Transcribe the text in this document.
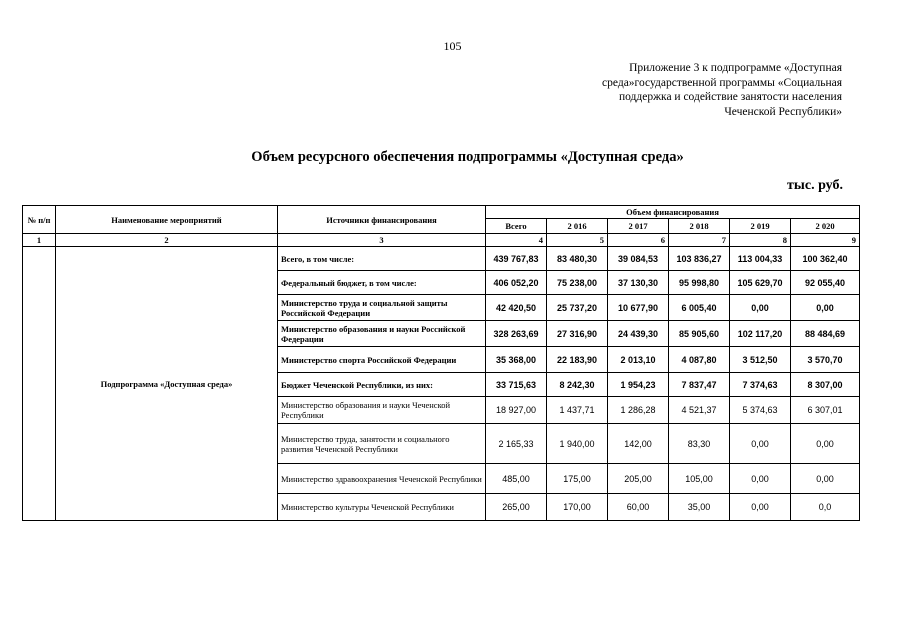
105
Приложение 3 к подпрограмме «Доступная
среда»государственной программы «Социальная
поддержка и содействие занятости населения
Чеченской Республики»
Объем ресурсного обеспечения подпрограммы «Доступная среда»
тыс. руб.
№ п/п	Наименование мероприятий	Источники финансирования	Объем финансирования					
			Всего	2 016	2 017	2 018	2 019	2 020
1	2	3	4	5	6	7	8	9
	Подпрограмма «Доступная среда»	Всего, в том числе:	439 767,83	83 480,30	39 084,53	103 836,27	113 004,33	100 362,40
		Федеральный бюджет, в том числе:	406 052,20	75 238,00	37 130,30	95 998,80	105 629,70	92 055,40
		Министерство труда и социальной защиты Российской Федерации	42 420,50	25 737,20	10 677,90	6 005,40	0,00	0,00
		Министерство образования и науки Российской Федерации	328 263,69	27 316,90	24 439,30	85 905,60	102 117,20	88 484,69
		Министерство спорта Российской Федерации	35 368,00	22 183,90	2 013,10	4 087,80	3 512,50	3 570,70
		Бюджет Чеченской Республики, из них:	33 715,63	8 242,30	1 954,23	7 837,47	7 374,63	8 307,00
		Министерство образования и науки Чеченской Республики	18 927,00	1 437,71	1 286,28	4 521,37	5 374,63	6 307,01
		Министерство труда, занятости и социального развития Чеченской Республики	2 165,33	1 940,00	142,00	83,30	0,00	0,00
		Министерство здравоохранения Чеченской Республики	485,00	175,00	205,00	105,00	0,00	0,00
		Министерство культуры Чеченской Республики	265,00	170,00	60,00	35,00	0,00	0,0
